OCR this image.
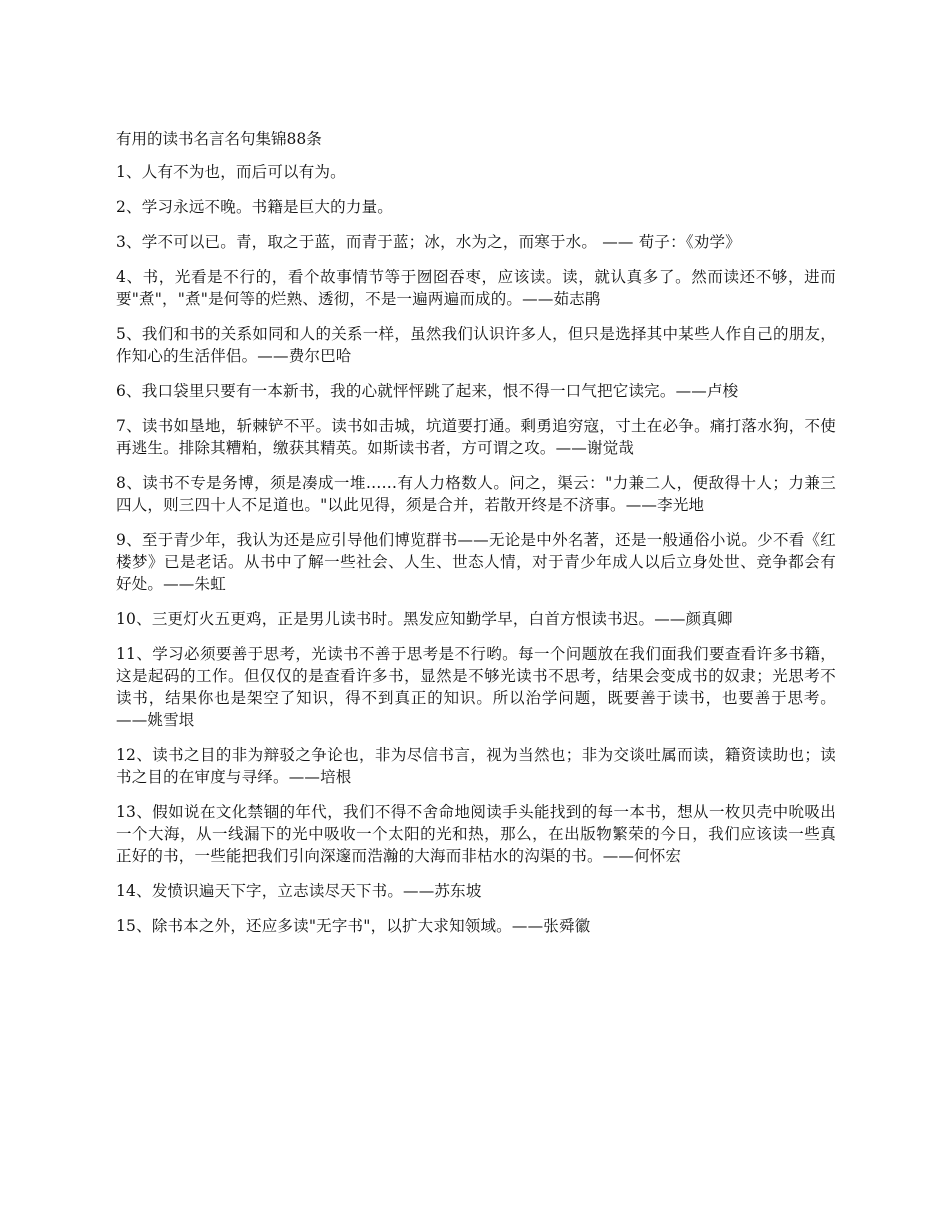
有用的读书名言名句集锦88条

1、人有不为也，而后可以有为。

2、学习永远不晚。书籍是巨大的力量。

3、学不可以已。青，取之于蓝，而青于蓝；冰，水为之，而寒于水。 —— 荀子：《劝学》

4、书，光看是不行的，看个故事情节等于囫囵吞枣，应该读。读，就认真多了。然而读还不够，进而要"煮"，"煮"是何等的烂熟、透彻，不是一遍两遍而成的。——茹志鹃

5、我们和书的关系如同和人的关系一样，虽然我们认识许多人，但只是选择其中某些人作自己的朋友，作知心的生活伴侣。——费尔巴哈

6、我口袋里只要有一本新书，我的心就怦怦跳了起来，恨不得一口气把它读完。——卢梭

7、读书如垦地，斩棘铲不平。读书如击城，坑道要打通。剩勇追穷寇，寸土在必争。痛打落水狗，不使再逃生。排除其糟粕，缴获其精英。如斯读书者，方可谓之攻。——谢觉哉

8、读书不专是务博，须是凑成一堆……有人力格数人。问之，渠云："力兼二人，便敌得十人；力兼三四人，则三四十人不足道也。"以此见得，须是合并，若散开终是不济事。——李光地

9、至于青少年，我认为还是应引导他们博览群书——无论是中外名著，还是一般通俗小说。少不看《红楼梦》已是老话。从书中了解一些社会、人生、世态人情，对于青少年成人以后立身处世、竞争都会有好处。——朱虹

10、三更灯火五更鸡，正是男儿读书时。黑发应知勤学早，白首方恨读书迟。——颜真卿

11、学习必须要善于思考，光读书不善于思考是不行哟。每一个问题放在我们面我们要查看许多书籍，这是起码的工作。但仅仅的是查看许多书，显然是不够光读书不思考，结果会变成书的奴隶；光思考不读书，结果你也是架空了知识，得不到真正的知识。所以治学问题，既要善于读书，也要善于思考。——姚雪垠

12、读书之目的非为辩驳之争论也，非为尽信书言，视为当然也；非为交谈吐属而读，籍资读助也；读书之目的在审度与寻绎。——培根

13、假如说在文化禁锢的年代，我们不得不舍命地阅读手头能找到的每一本书，想从一枚贝壳中吮吸出一个大海，从一线漏下的光中吸收一个太阳的光和热，那么，在出版物繁荣的今日，我们应该读一些真正好的书，一些能把我们引向深邃而浩瀚的大海而非枯水的沟渠的书。——何怀宏

14、发愤识遍天下字，立志读尽天下书。——苏东坡

15、除书本之外，还应多读"无字书"，以扩大求知领域。——张舜徽
